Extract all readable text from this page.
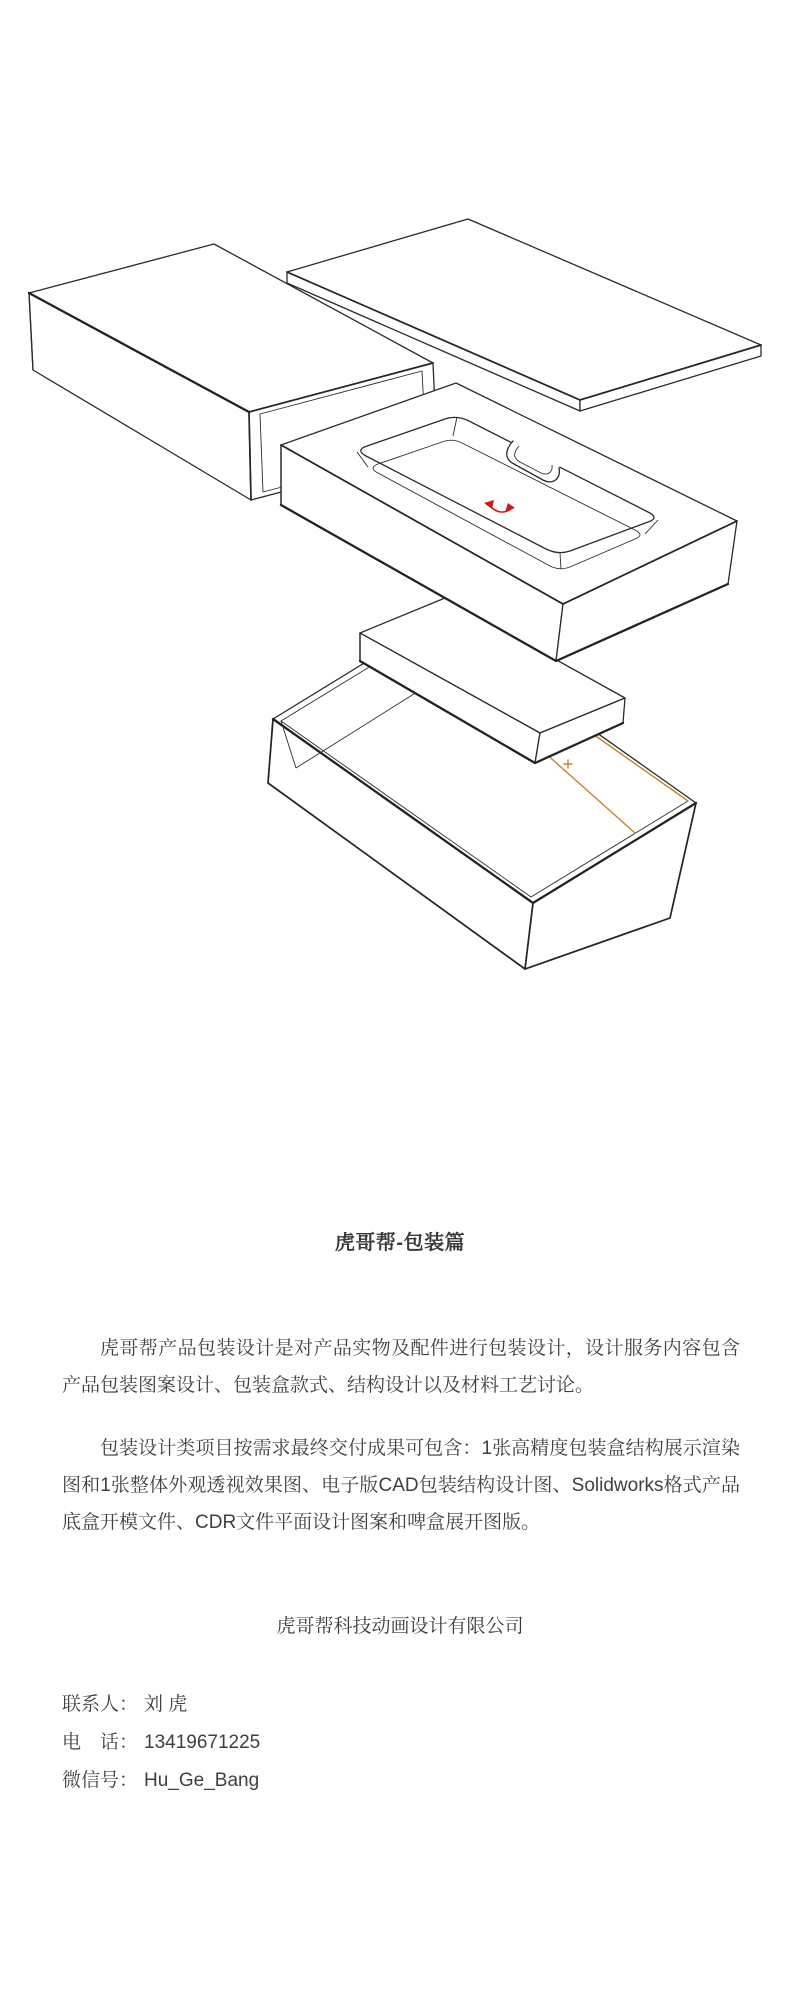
虎哥帮-包装篇
虎哥帮产品包装设计是对产品实物及配件进行包装设计，设计服务内容包含产品包装图案设计、包装盒款式、结构设计以及材料工艺讨论。
包装设计类项目按需求最终交付成果可包含：1张高精度包装盒结构展示渲染图和1张整体外观透视效果图、电子版CAD包装结构设计图、Solidworks格式产品底盒开模文件、CDR文件平面设计图案和啤盒展开图版。
虎哥帮科技动画设计有限公司
联系人： 刘 虎
电　话： 13419671225
微信号： Hu_Ge_Bang
